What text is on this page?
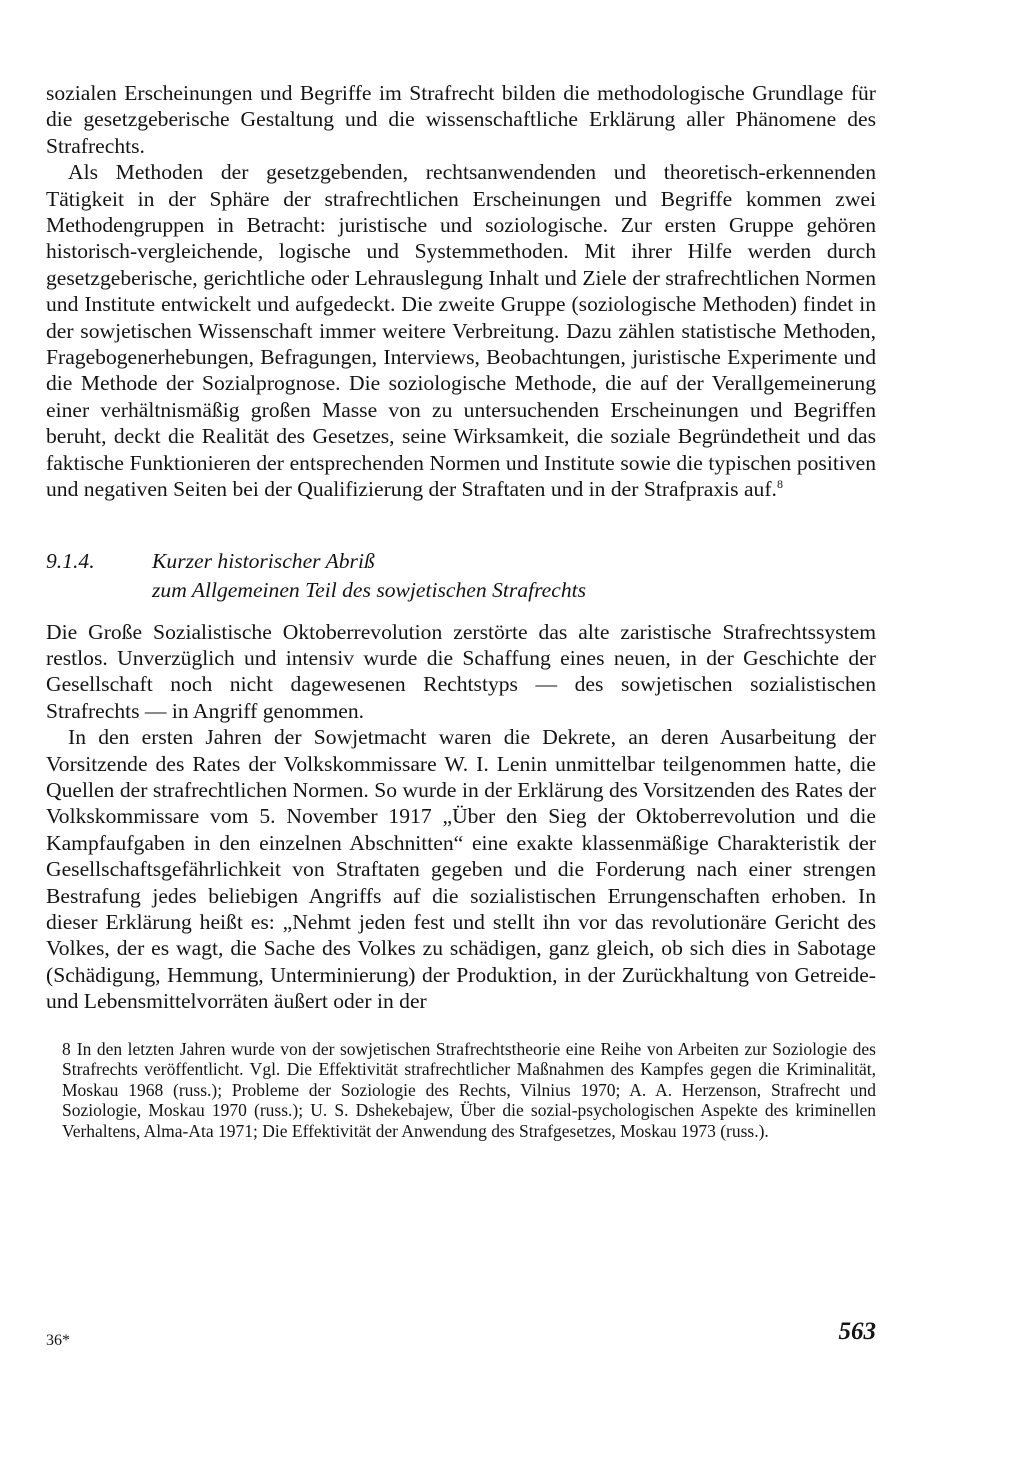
sozialen Erscheinungen und Begriffe im Strafrecht bilden die methodologische Grundlage für die gesetzgeberische Gestaltung und die wissenschaftliche Erklärung aller Phänomene des Strafrechts.

Als Methoden der gesetzgebenden, rechtsanwendenden und theoretisch-erkennenden Tätigkeit in der Sphäre der strafrechtlichen Erscheinungen und Begriffe kommen zwei Methodengruppen in Betracht: juristische und soziologische. Zur ersten Gruppe gehören historisch-vergleichende, logische und Systemmethoden. Mit ihrer Hilfe werden durch gesetzgeberische, gerichtliche oder Lehrauslegung Inhalt und Ziele der strafrechtlichen Normen und Institute entwickelt und aufgedeckt. Die zweite Gruppe (soziologische Methoden) findet in der sowjetischen Wissenschaft immer weitere Verbreitung. Dazu zählen statistische Methoden, Fragebogenerhebungen, Befragungen, Interviews, Beobachtungen, juristische Experimente und die Methode der Sozialprognose. Die soziologische Methode, die auf der Verallgemeinerung einer verhältnismäßig großen Masse von zu untersuchenden Erscheinungen und Begriffen beruht, deckt die Realität des Gesetzes, seine Wirksamkeit, die soziale Begründetheit und das faktische Funktionieren der entsprechenden Normen und Institute sowie die typischen positiven und negativen Seiten bei der Qualifizierung der Straftaten und in der Strafpraxis auf.$^8$

9.1.4.	Kurzer historischer Abriß
zum Allgemeinen Teil des sowjetischen Strafrechts

Die Große Sozialistische Oktoberrevolution zerstörte das alte zaristische Strafrechtssystem restlos. Unverzüglich und intensiv wurde die Schaffung eines neuen, in der Geschichte der Gesellschaft noch nicht dagewesenen Rechtstyps — des sowjetischen sozialistischen Strafrechts — in Angriff genommen.

In den ersten Jahren der Sowjetmacht waren die Dekrete, an deren Ausarbeitung der Vorsitzende des Rates der Volkskommissare W. I. Lenin unmittelbar teilgenommen hatte, die Quellen der strafrechtlichen Normen. So wurde in der Erklärung des Vorsitzenden des Rates der Volkskommissare vom 5. November 1917 „Über den Sieg der Oktoberrevolution und die Kampfaufgaben in den einzelnen Abschnitten“ eine exakte klassenmäßige Charakteristik der Gesellschaftsgefährlichkeit von Straftaten gegeben und die Forderung nach einer strengen Bestrafung jedes beliebigen Angriffs auf die sozialistischen Errungenschaften erhoben. In dieser Erklärung heißt es: „Nehmt jeden fest und stellt ihn vor das revolutionäre Gericht des Volkes, der es wagt, die Sache des Volkes zu schädigen, ganz gleich, ob sich dies in Sabotage (Schädigung, Hemmung, Unterminierung) der Produktion, in der Zurückhaltung von Getreide- und Lebensmittelvorräten äußert oder in der

8 In den letzten Jahren wurde von der sowjetischen Strafrechtstheorie eine Reihe von Arbeiten zur Soziologie des Strafrechts veröffentlicht. Vgl. Die Effektivität strafrechtlicher Maßnahmen des Kampfes gegen die Kriminalität, Moskau 1968 (russ.); Probleme der Soziologie des Rechts, Vilnius 1970; A. A. Herzenson, Strafrecht und Soziologie, Moskau 1970 (russ.); U. S. Dshekebajew, Über die sozial-psychologischen Aspekte des kriminellen Verhaltens, Alma-Ata 1971; Die Effektivität der Anwendung des Strafgesetzes, Moskau 1973 (russ.).

36*	563
